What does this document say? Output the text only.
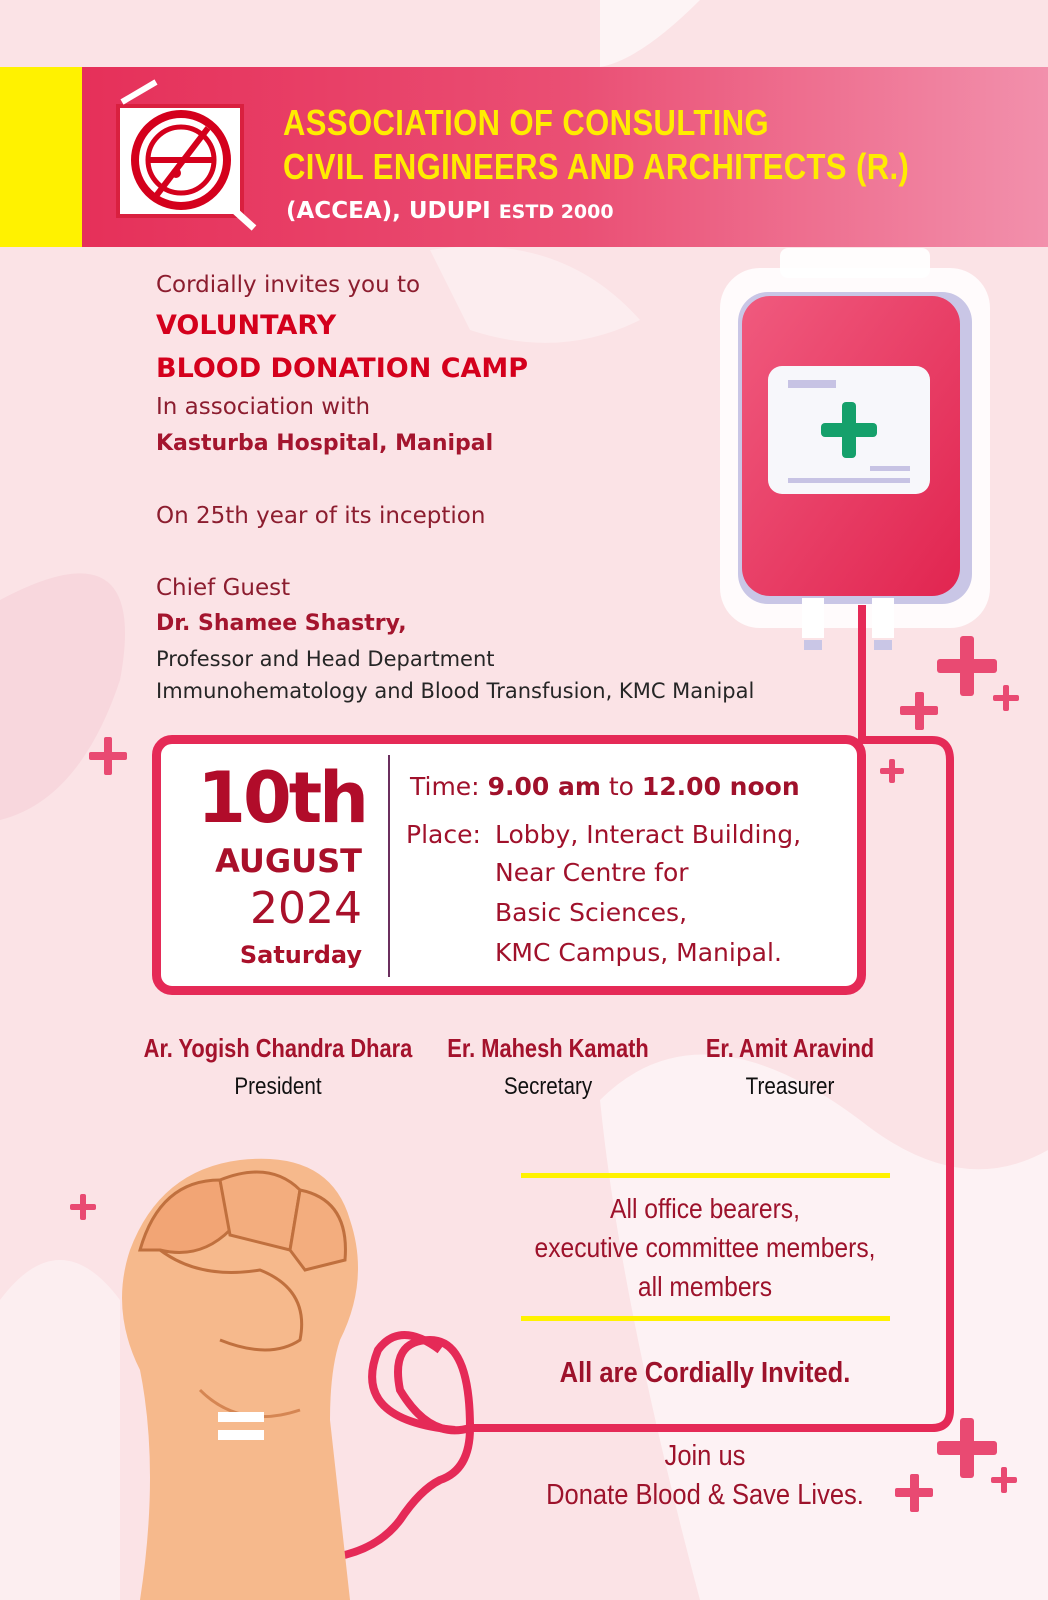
ASSOCIATION OF CONSULTING
CIVIL ENGINEERS AND ARCHITECTS (R.)
(ACCEA), UDUPI ESTD 2000
Cordially invites you to
VOLUNTARY
BLOOD DONATION CAMP
In association with
Kasturba Hospital, Manipal
On 25th year of its inception
Chief Guest
Dr. Shamee Shastry,
Professor and Head Department
Immunohematology and Blood Transfusion, KMC Manipal
10th
AUGUST
2024
Saturday
Time: 9.00 am to 12.00 noon
Place: Lobby, Interact Building,
Near Centre for
Basic Sciences,
KMC Campus, Manipal.
Ar. Yogish Chandra Dhara
President
Er. Mahesh Kamath
Secretary
Er. Amit Aravind
Treasurer
All office bearers,
executive committee members,
all members
All are Cordially Invited.
Join us
Donate Blood & Save Lives.
